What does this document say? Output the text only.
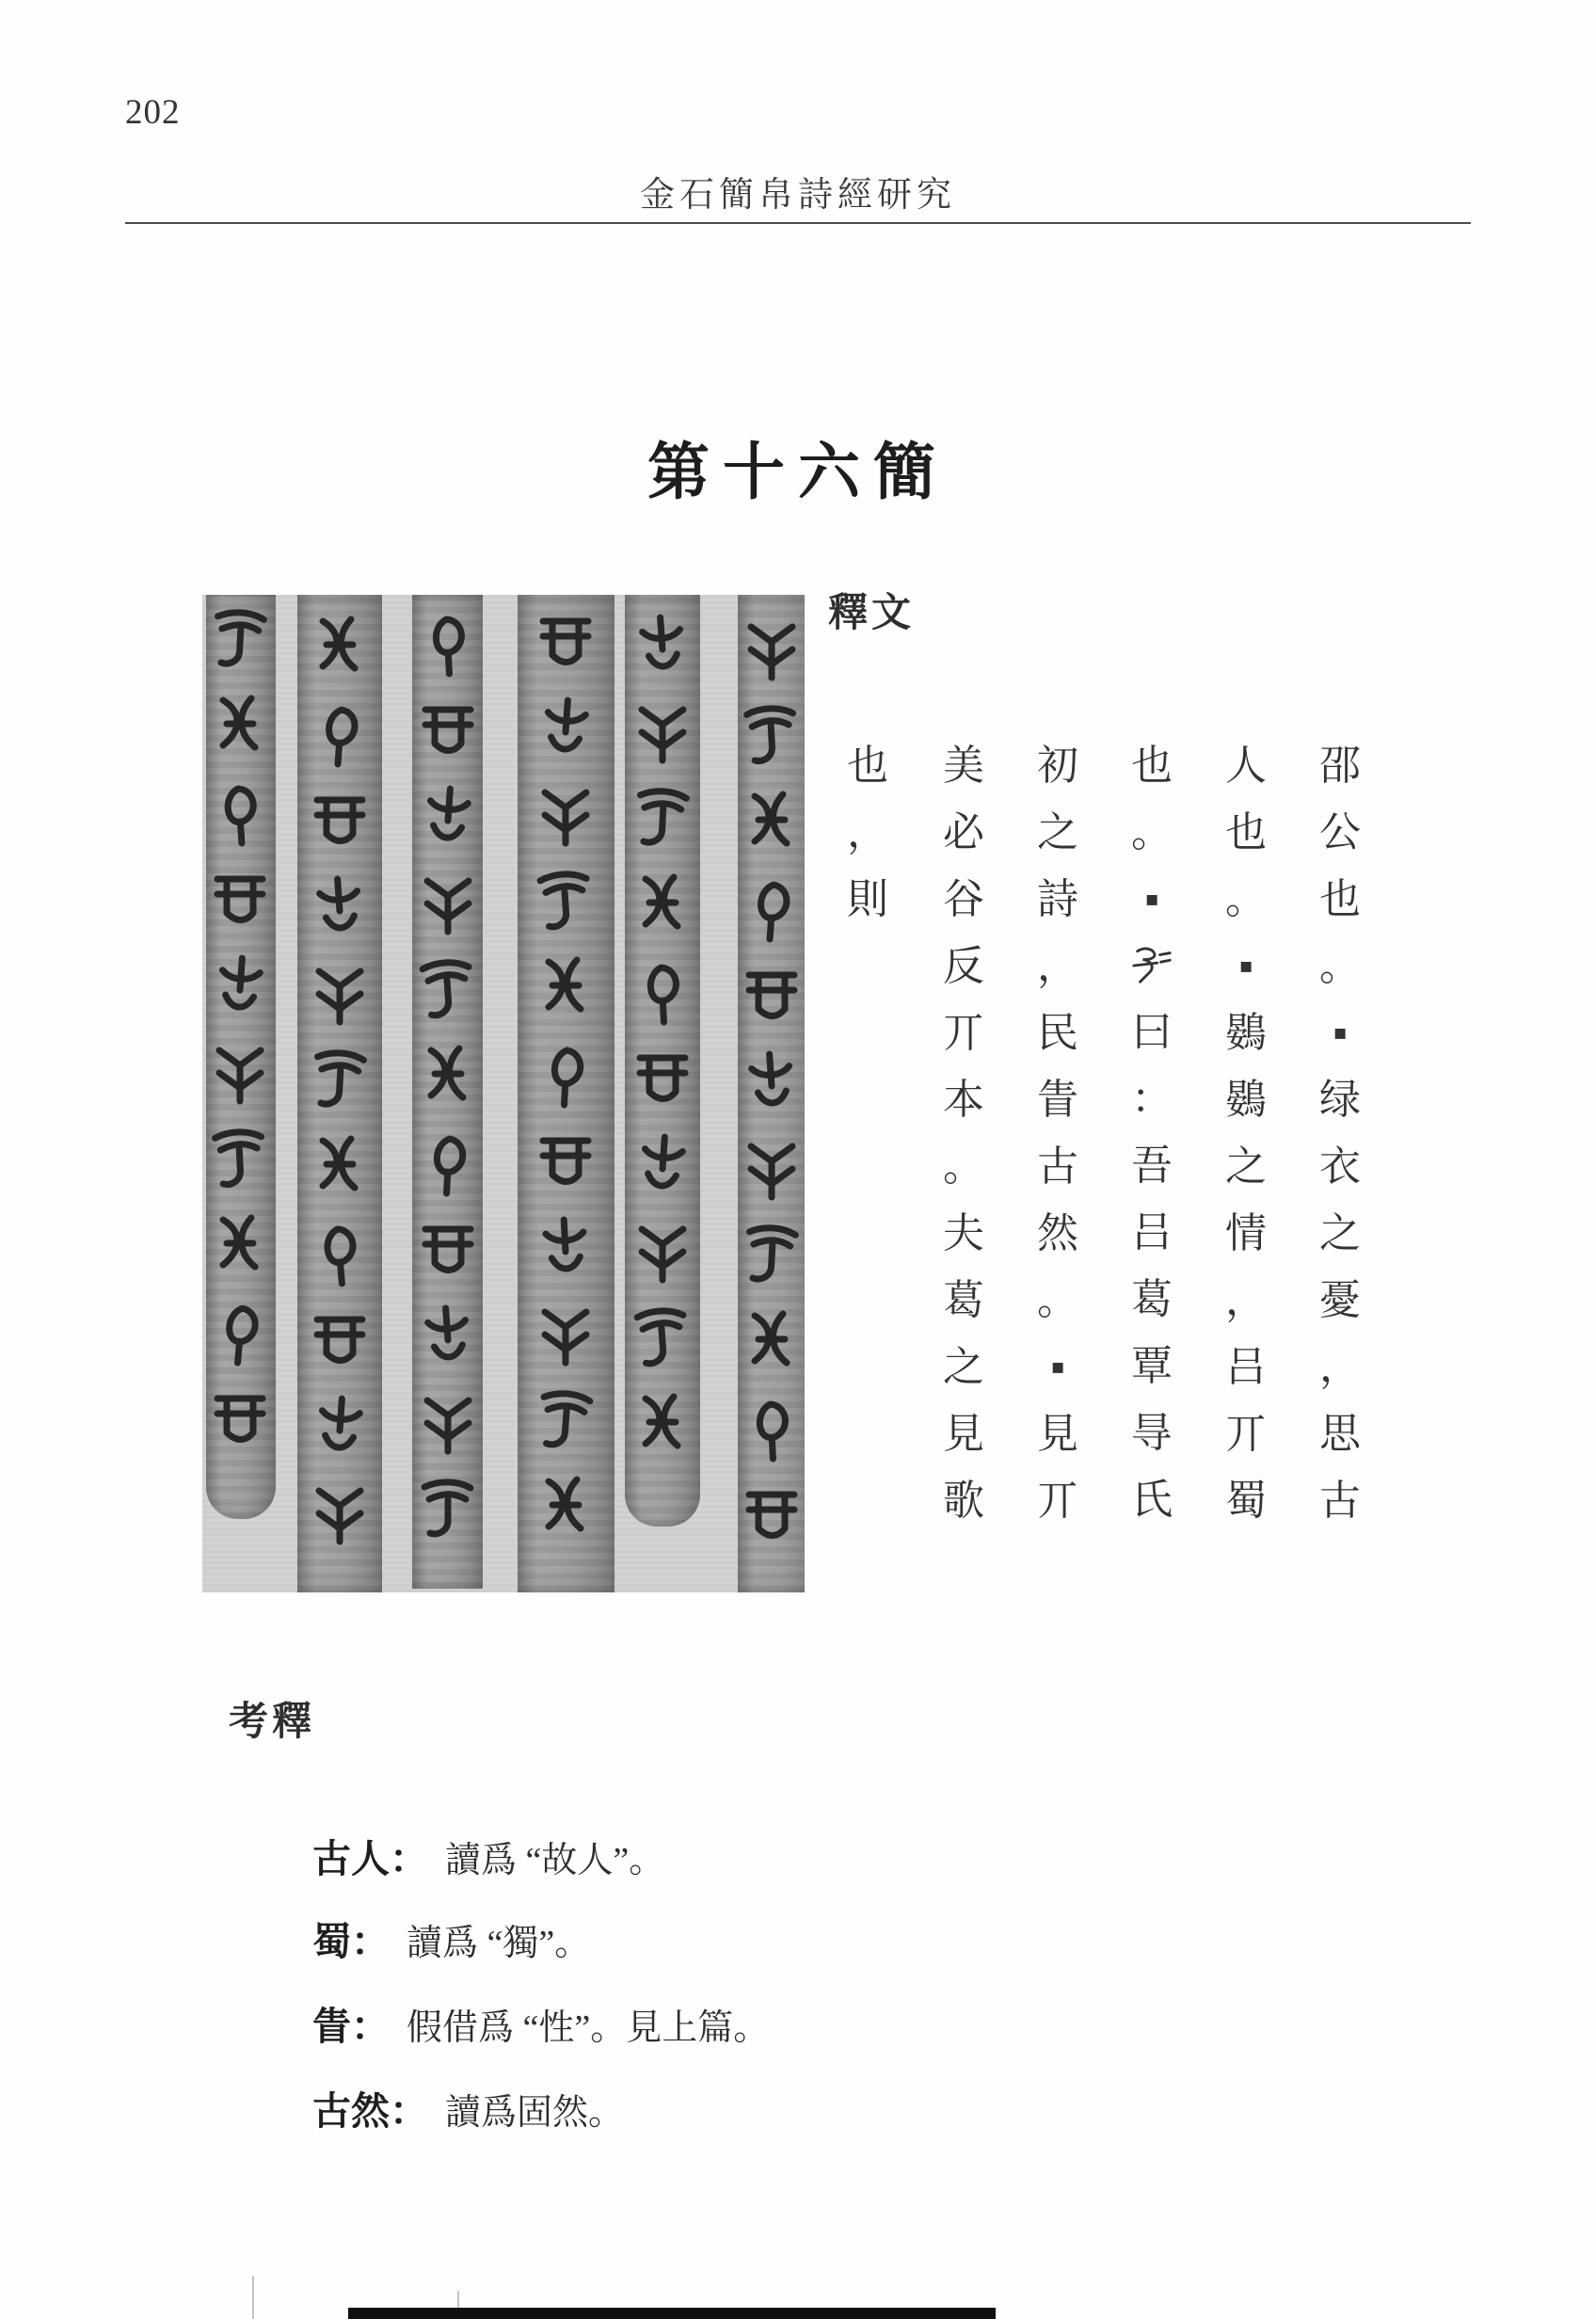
202
金石簡帛詩經研究
第十六簡
釋文
邵公也。▪绿衣之憂，思古
人也。▪鷃鷃之情，吕丌蜀
也。▪
曰：吾吕葛覃㝵氏
初之詩，民眚古然。▪見丌
美必谷反丌本。夫葛之見歌
也，則
考釋
古人： 讀爲 “故人”。
蜀： 讀爲 “獨”。
眚： 假借爲 “性”。見上篇。
古然： 讀爲固然。
